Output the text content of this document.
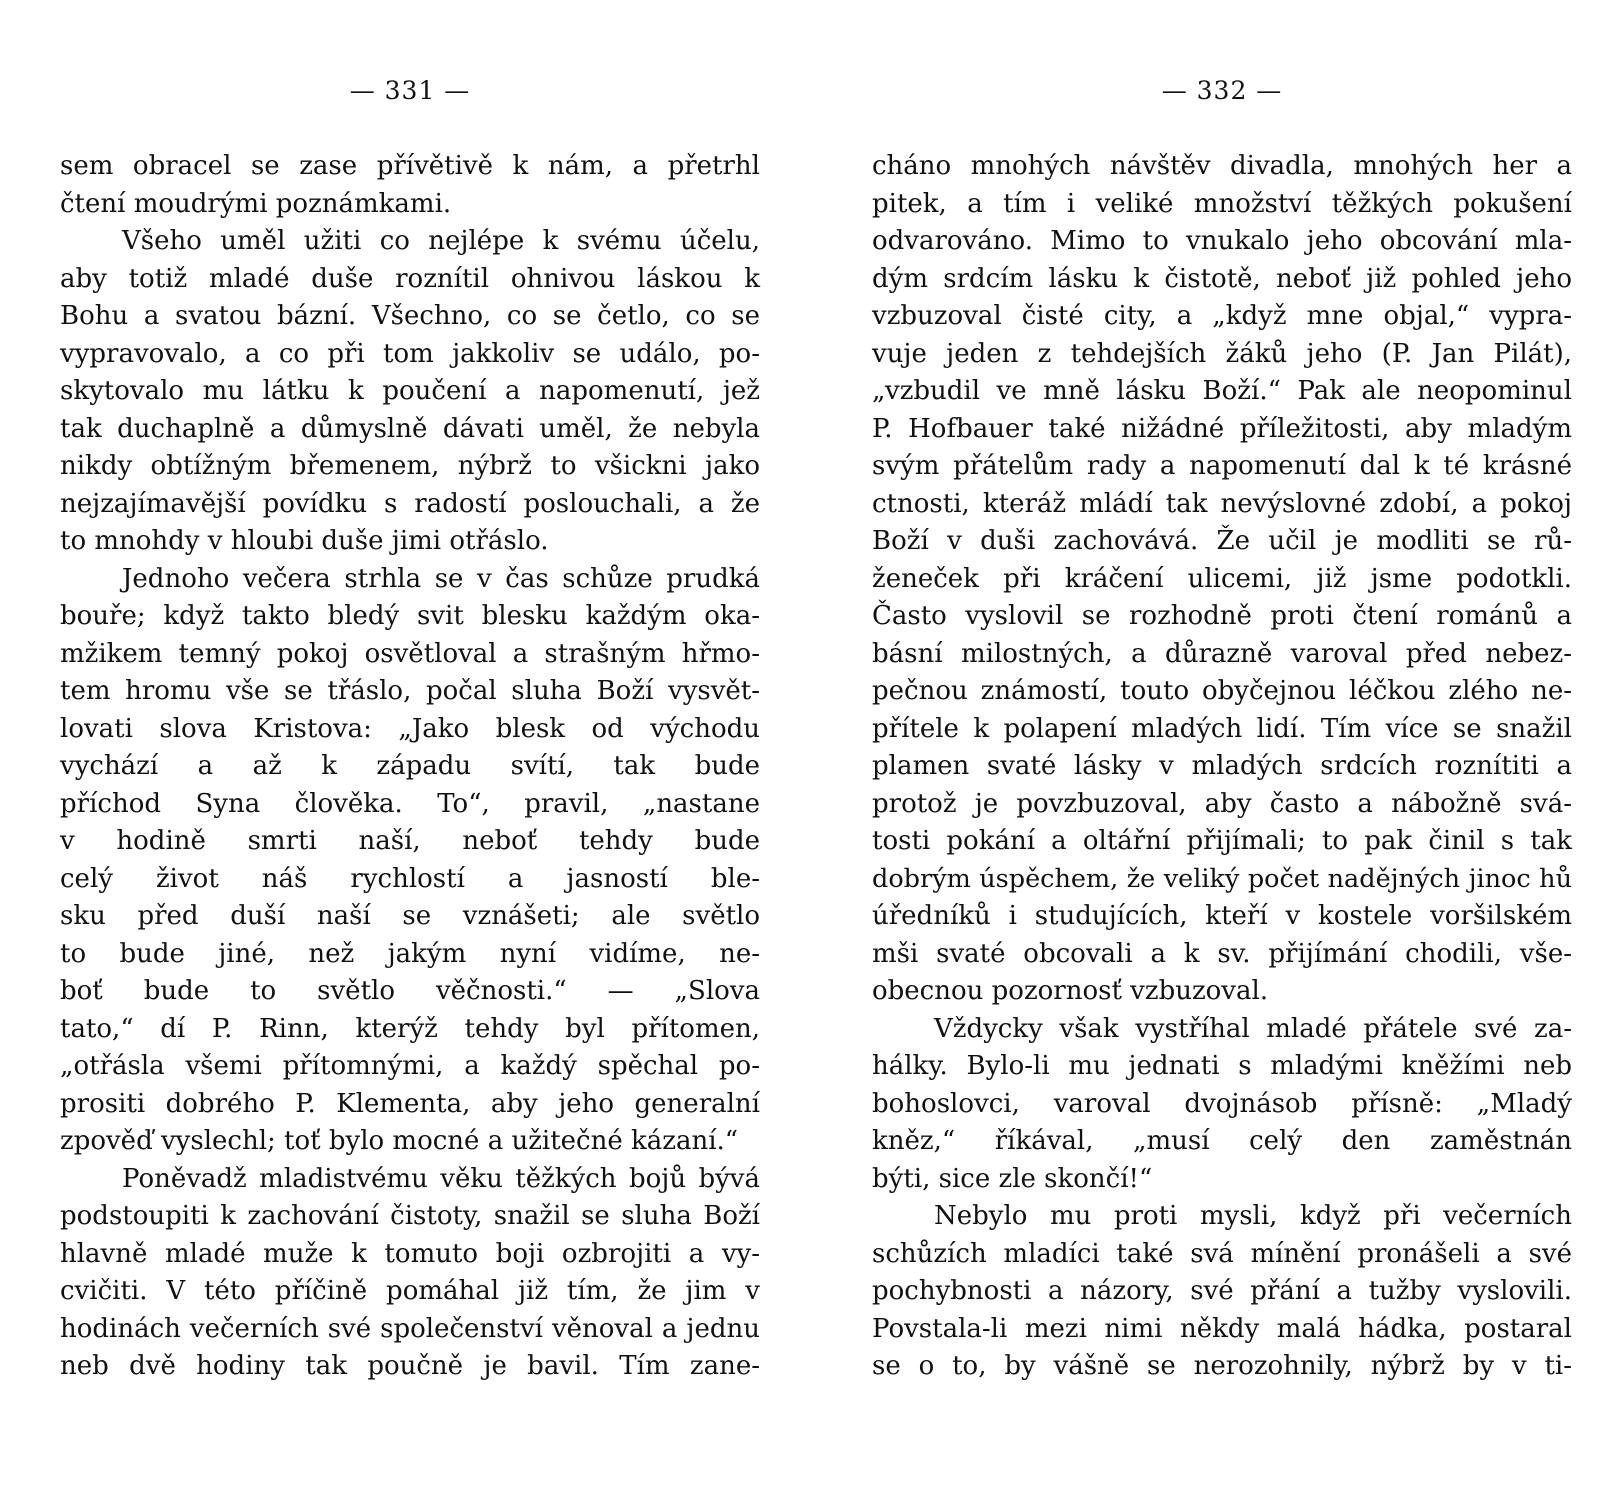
— 331 —
sem obracel se zase přívětivě k nám, a přetrhl
čtení moudrými poznámkami.
Všeho uměl užiti co nejlépe k svému účelu,
aby totiž mladé duše roznítil ohnivou láskou k
Bohu a svatou bázní. Všechno, co se četlo, co se
vypravovalo, a co při tom jakkoliv se událo, po-
skytovalo mu látku k poučení a napomenutí, jež
tak duchaplně a důmyslně dávati uměl, že nebyla
nikdy obtížným břemenem, nýbrž to všickni jako
nejzajímavější povídku s radostí poslouchali, a že
to mnohdy v hloubi duše jimi otřáslo.
Jednoho večera strhla se v čas schůze prudká
bouře; když takto bledý svit blesku každým oka-
mžikem temný pokoj osvětloval a strašným hřmo-
tem hromu vše se třáslo, počal sluha Boží vysvět-
lovati slova Kristova: „Jako blesk od východu
vychází a až k západu svítí, tak bude
příchod Syna člověka. To“, pravil, „nastane
v hodině smrti naší, neboť tehdy bude
celý život náš rychlostí a jasností ble-
sku před duší naší se vznášeti; ale světlo
to bude jiné, než jakým nyní vidíme, ne-
boť bude to světlo věčnosti.“ — „Slova
tato,“ dí P. Rinn, kterýž tehdy byl přítomen,
„otřásla všemi přítomnými, a každý spěchal po-
prositi dobrého P. Klementa, aby jeho generalní
zpověď vyslechl; toť bylo mocné a užitečné kázaní.“
Poněvadž mladistvému věku těžkých bojů bývá
podstoupiti k zachování čistoty, snažil se sluha Boží
hlavně mladé muže k tomuto boji ozbrojiti a vy-
cvičiti. V této příčině pomáhal již tím, že jim v
hodinách večerních své společenství věnoval a jednu
neb dvě hodiny tak poučně je bavil. Tím zane-
— 332 —
cháno mnohých návštěv divadla, mnohých her a
pitek, a tím i veliké množství těžkých pokušení
odvarováno. Mimo to vnukalo jeho obcování mla-
dým srdcím lásku k čistotě, neboť již pohled jeho
vzbuzoval čisté city, a „když mne objal,“ vypra-
vuje jeden z tehdejších žáků jeho (P. Jan Pilát),
„vzbudil ve mně lásku Boží.“ Pak ale neopominul
P. Hofbauer také nižádné příležitosti, aby mladým
svým přátelům rady a napomenutí dal k té krásné
ctnosti, kteráž mládí tak nevýslovné zdobí, a pokoj
Boží v duši zachovává. Že učil je modliti se rů-
ženeček při kráčení ulicemi, již jsme podotkli.
Často vyslovil se rozhodně proti čtení románů a
básní milostných, a důrazně varoval před nebez-
pečnou známostí, touto obyčejnou léčkou zlého ne-
přítele k polapení mladých lidí. Tím více se snažil
plamen svaté lásky v mladých srdcích roznítiti a
protož je povzbuzoval, aby často a nábožně svá-
tosti pokání a oltářní přijímali; to pak činil s tak
dobrým úspěchem, že veliký počet nadějných jinoc hů
úředníků i studujících, kteří v kostele voršilském
mši svaté obcovali a k sv. přijímání chodili, vše-
obecnou pozornosť vzbuzoval.
Vždycky však vystříhal mladé přátele své za-
hálky. Bylo-li mu jednati s mladými kněžími neb
bohoslovci, varoval dvojnásob přísně: „Mladý
kněz,“ říkával, „musí celý den zaměstnán
býti, sice zle skončí!“
Nebylo mu proti mysli, když při večerních
schůzích mladíci také svá mínění pronášeli a své
pochybnosti a názory, své přání a tužby vyslovili.
Povstala-li mezi nimi někdy malá hádka, postaral
se o to, by vášně se nerozohnily, nýbrž by v ti-
